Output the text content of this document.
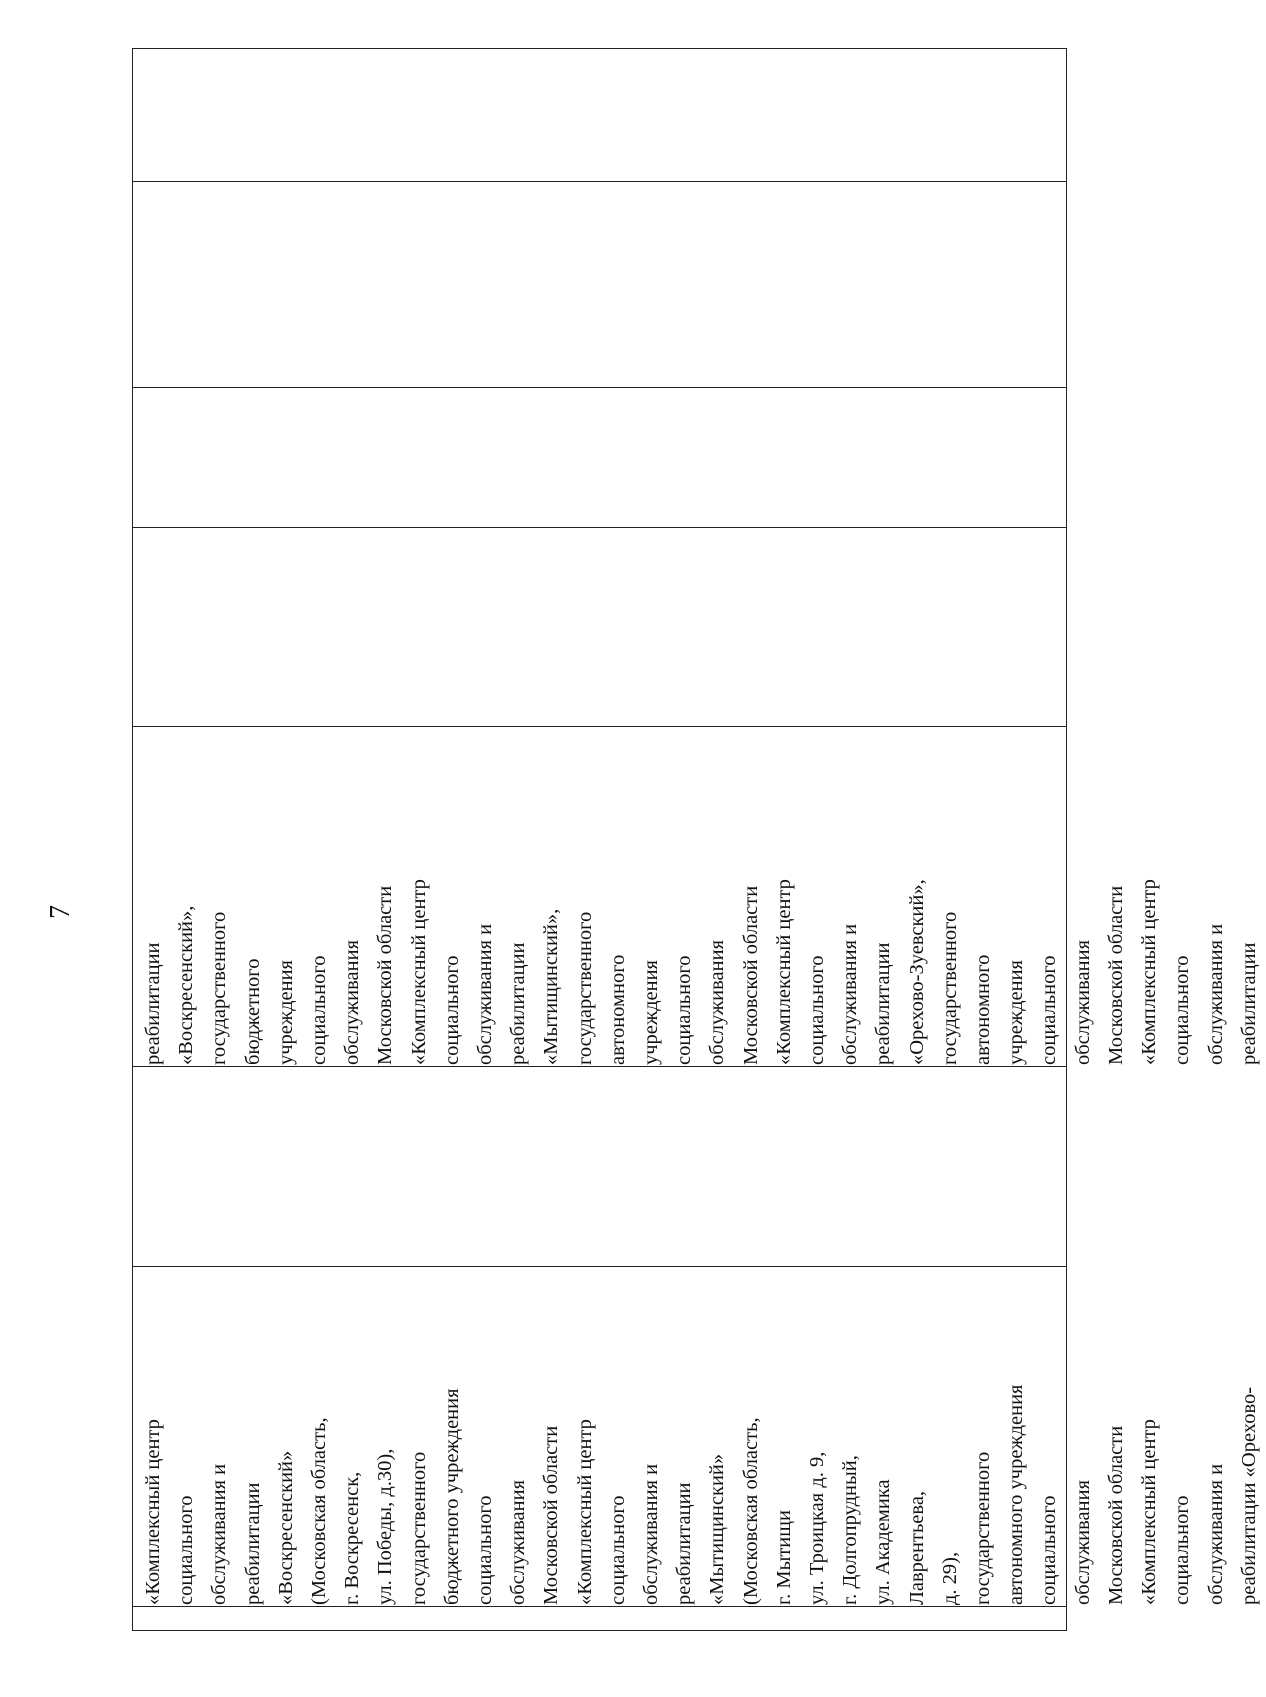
7
«Комплексный центр социального обслуживания и реабилитации «Воскресенский» (Московская область, г. Воскресенск, ул. Победы, д.30), государственного бюджетного учреждения социального обслуживания Московской области «Комплексный центр социального обслуживания и реабилитации «Мытищинский» (Московская область, г. Мытищи ул. Троицкая д. 9, г. Долгопрудный, ул. Академика Лаврентьева, д. 29), государственного автономного учреждения социального обслуживания Московской области «Комплексный центр социального обслуживания и реабилитации «Орехово-
реабилитации «Воскресенский», государственного бюджетного учреждения социального обслуживания Московской области «Комплексный центр социального обслуживания и реабилитации «Мытищинский», государственного автономного учреждения социального обслуживания Московской области «Комплексный центр социального обслуживания и реабилитации «Орехово-Зуевский», государственного автономного учреждения социального обслуживания Московской области «Комплексный центр социального обслуживания и реабилитации
